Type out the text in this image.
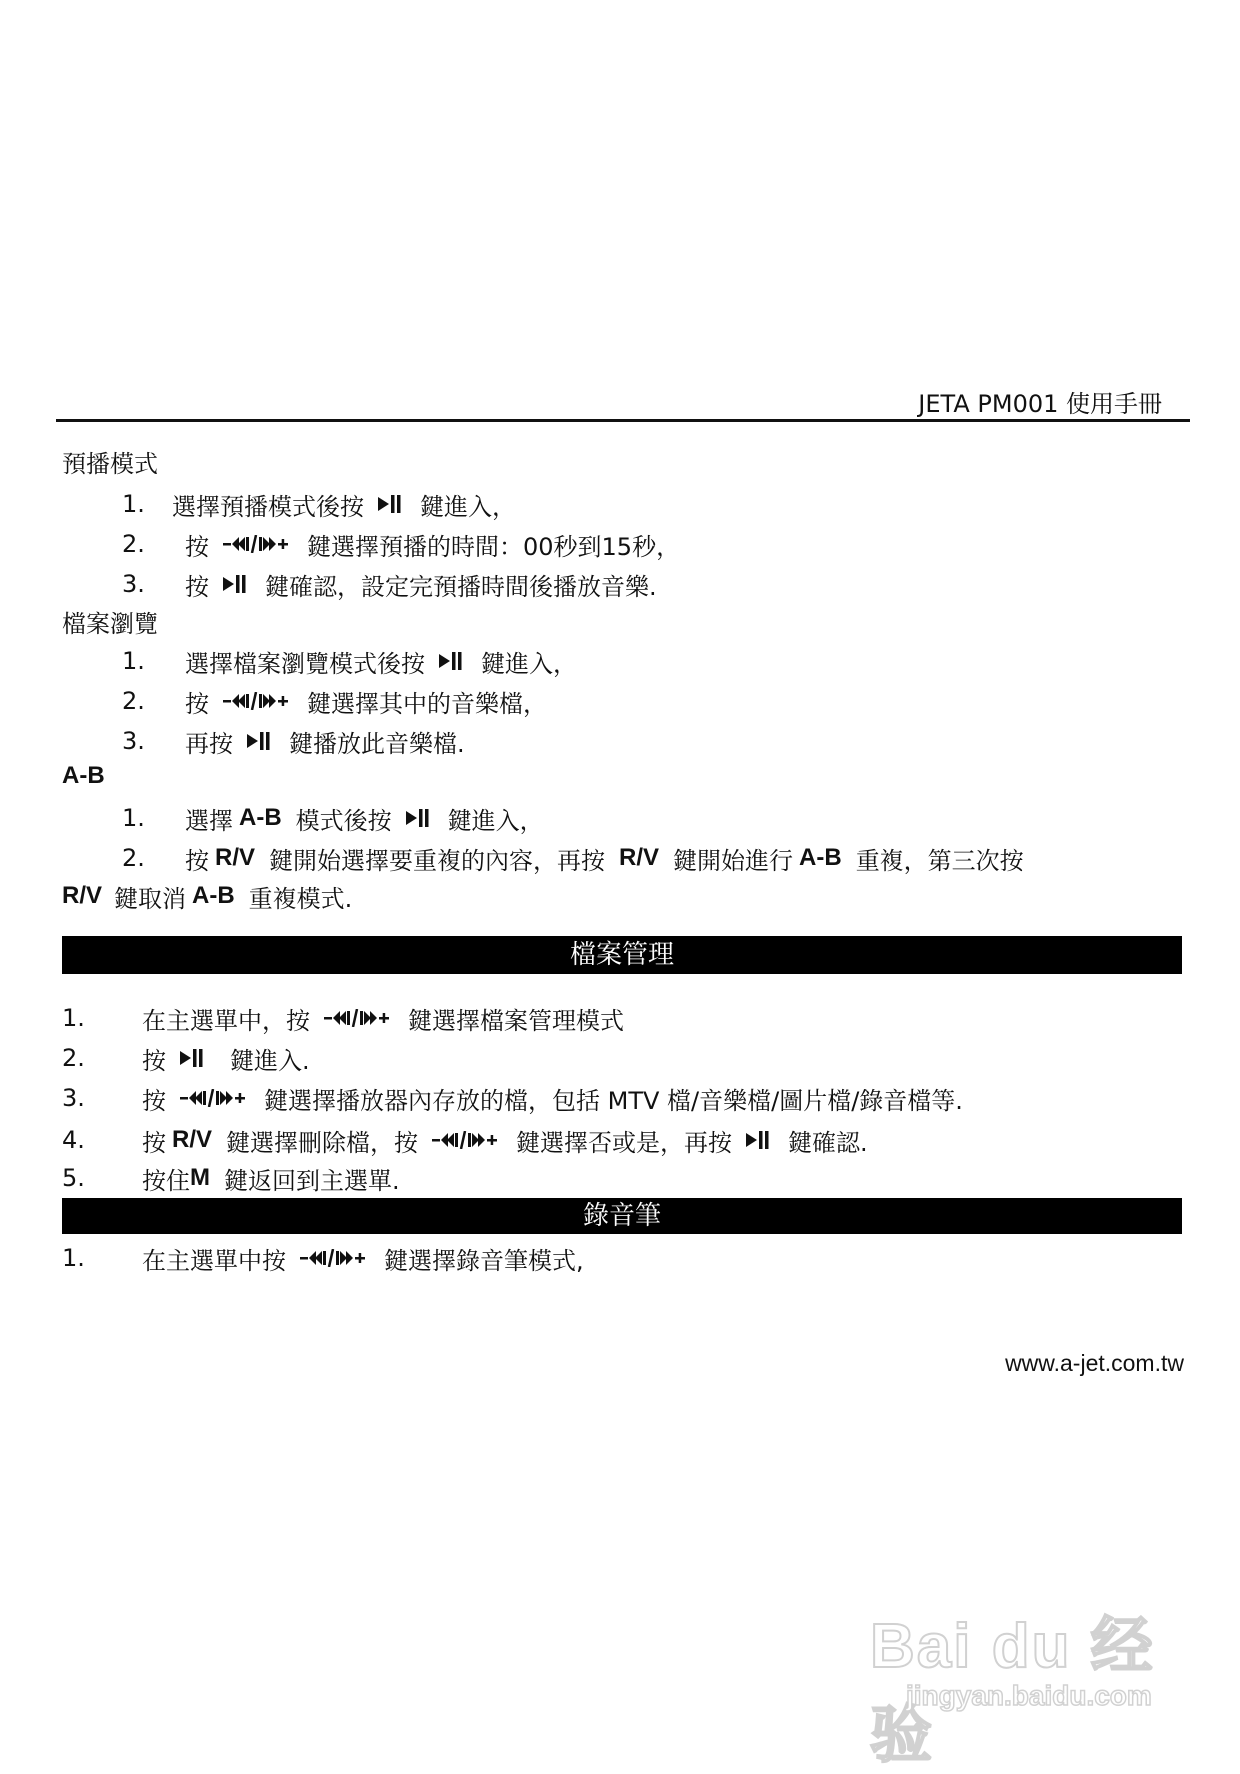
JETA PM001 使用手冊
預播模式
1.	選擇預播模式後按 鍵進入，
2.	按	鍵選擇預播的時間：00秒到15秒，
3.	按 鍵確認，設定完預播時間後播放音樂.
檔案瀏覽
1.	選擇檔案瀏覽模式後按 鍵進入，
2.	按	鍵選擇其中的音樂檔，
3.	再按 鍵播放此音樂檔.
A-B
1.	選擇 A-B 模式後按 鍵進入，
2.	按 R/V 鍵開始選擇要重複的內容，再按 R/V 鍵開始進行 A-B 重複，第三次按
R/V 鍵取消 A-B 重複模式.
檔案管理
1.	在主選單中，按	鍵選擇檔案管理模式
2.	按	鍵進入.
3.	按	鍵選擇播放器內存放的檔，包括 MTV 檔/音樂檔/圖片檔/錄音檔等.
4.	按 R/V 鍵選擇刪除檔，按	鍵選擇否或是，再按 鍵確認.
5.	按住 M 鍵返回到主選單.
錄音筆
1.	在主選單中按	鍵選擇錄音筆模式,
www.a-jet.com.tw
Bai du 经验
jingyan.baidu.com
